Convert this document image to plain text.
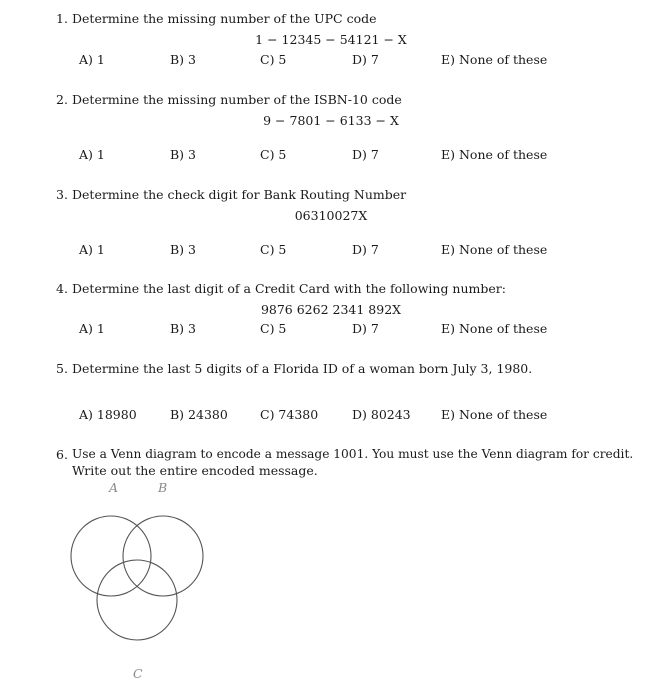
1. Determine the missing number of the UPC code
1 − 12345 − 54121 − X
A) 1	B) 3	C) 5	D) 7	E) None of these
2. Determine the missing number of the ISBN-10 code
9 − 7801 − 6133 − X
A) 1	B) 3	C) 5	D) 7	E) None of these
3. Determine the check digit for Bank Routing Number
06310027X
A) 1	B) 3	C) 5	D) 7	E) None of these
4. Determine the last digit of a Credit Card with the following number:
9876 6262 2341 892X
A) 1	B) 3	C) 5	D) 7	E) None of these
5. Determine the last 5 digits of a Florida ID of a woman born July 3, 1980.
A) 18980	B) 24380	C) 74380	D) 80243 E) None of these
6. Use a Venn diagram to encode a message 1001. You must use the Venn diagram for credit.
Write out the entire encoded message.
A	B
C
